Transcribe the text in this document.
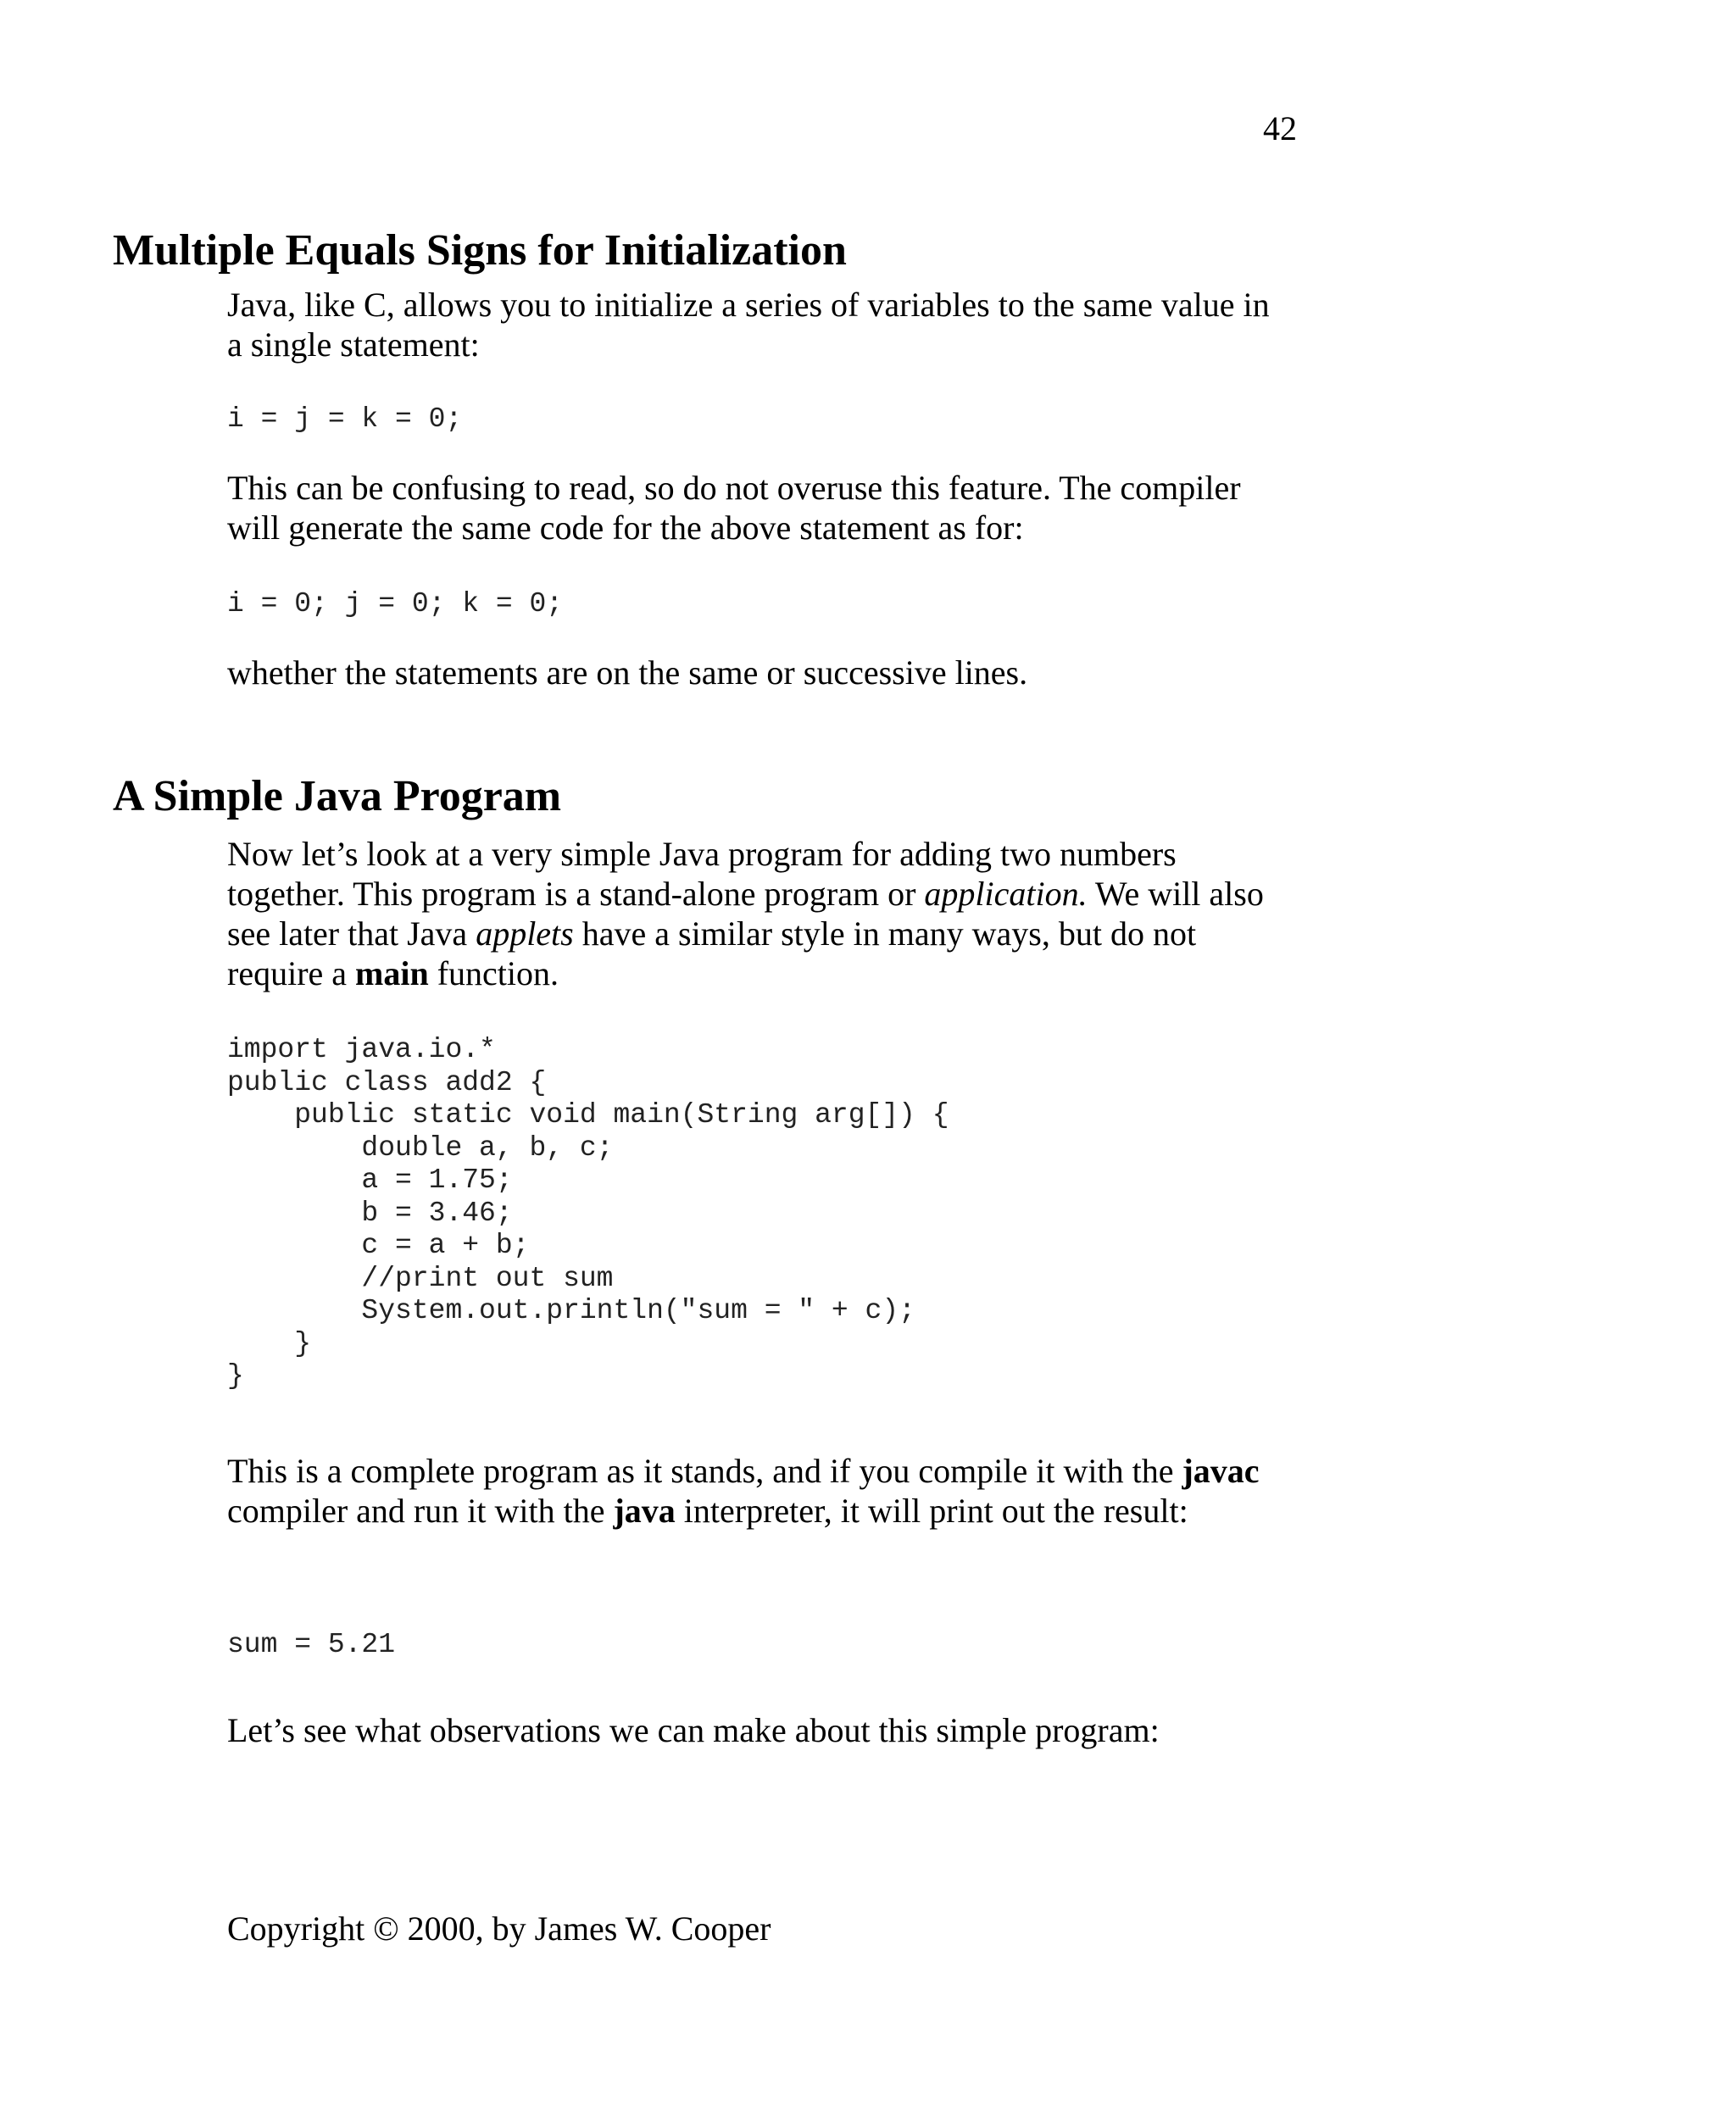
42
Multiple Equals Signs for Initialization

Java, like C, allows you to initialize a series of variables to the same value in
a single statement:

i = j = k = 0;

This can be confusing to read, so do not overuse this feature. The compiler
will generate the same code for the above statement as for:

i = 0; j = 0; k = 0;

whether the statements are on the same or successive lines.

A Simple Java Program

Now let’s look at a very simple Java program for adding two numbers
together. This program is a stand-alone program or application. We will also
see later that Java applets have a similar style in many ways, but do not
require a main function.

import java.io.*
public class add2 {
public static void main(String arg[]) {
double a, b, c;
a = 1.75;
b = 3.46;
c = a + b;
//print out sum
System.out.println("sum = " + c);
}
}

This is a complete program as it stands, and if you compile it with the javac
compiler and run it with the java interpreter, it will print out the result:

sum = 5.21

Let’s see what observations we can make about this simple program:

Copyright © 2000, by James W. Cooper
